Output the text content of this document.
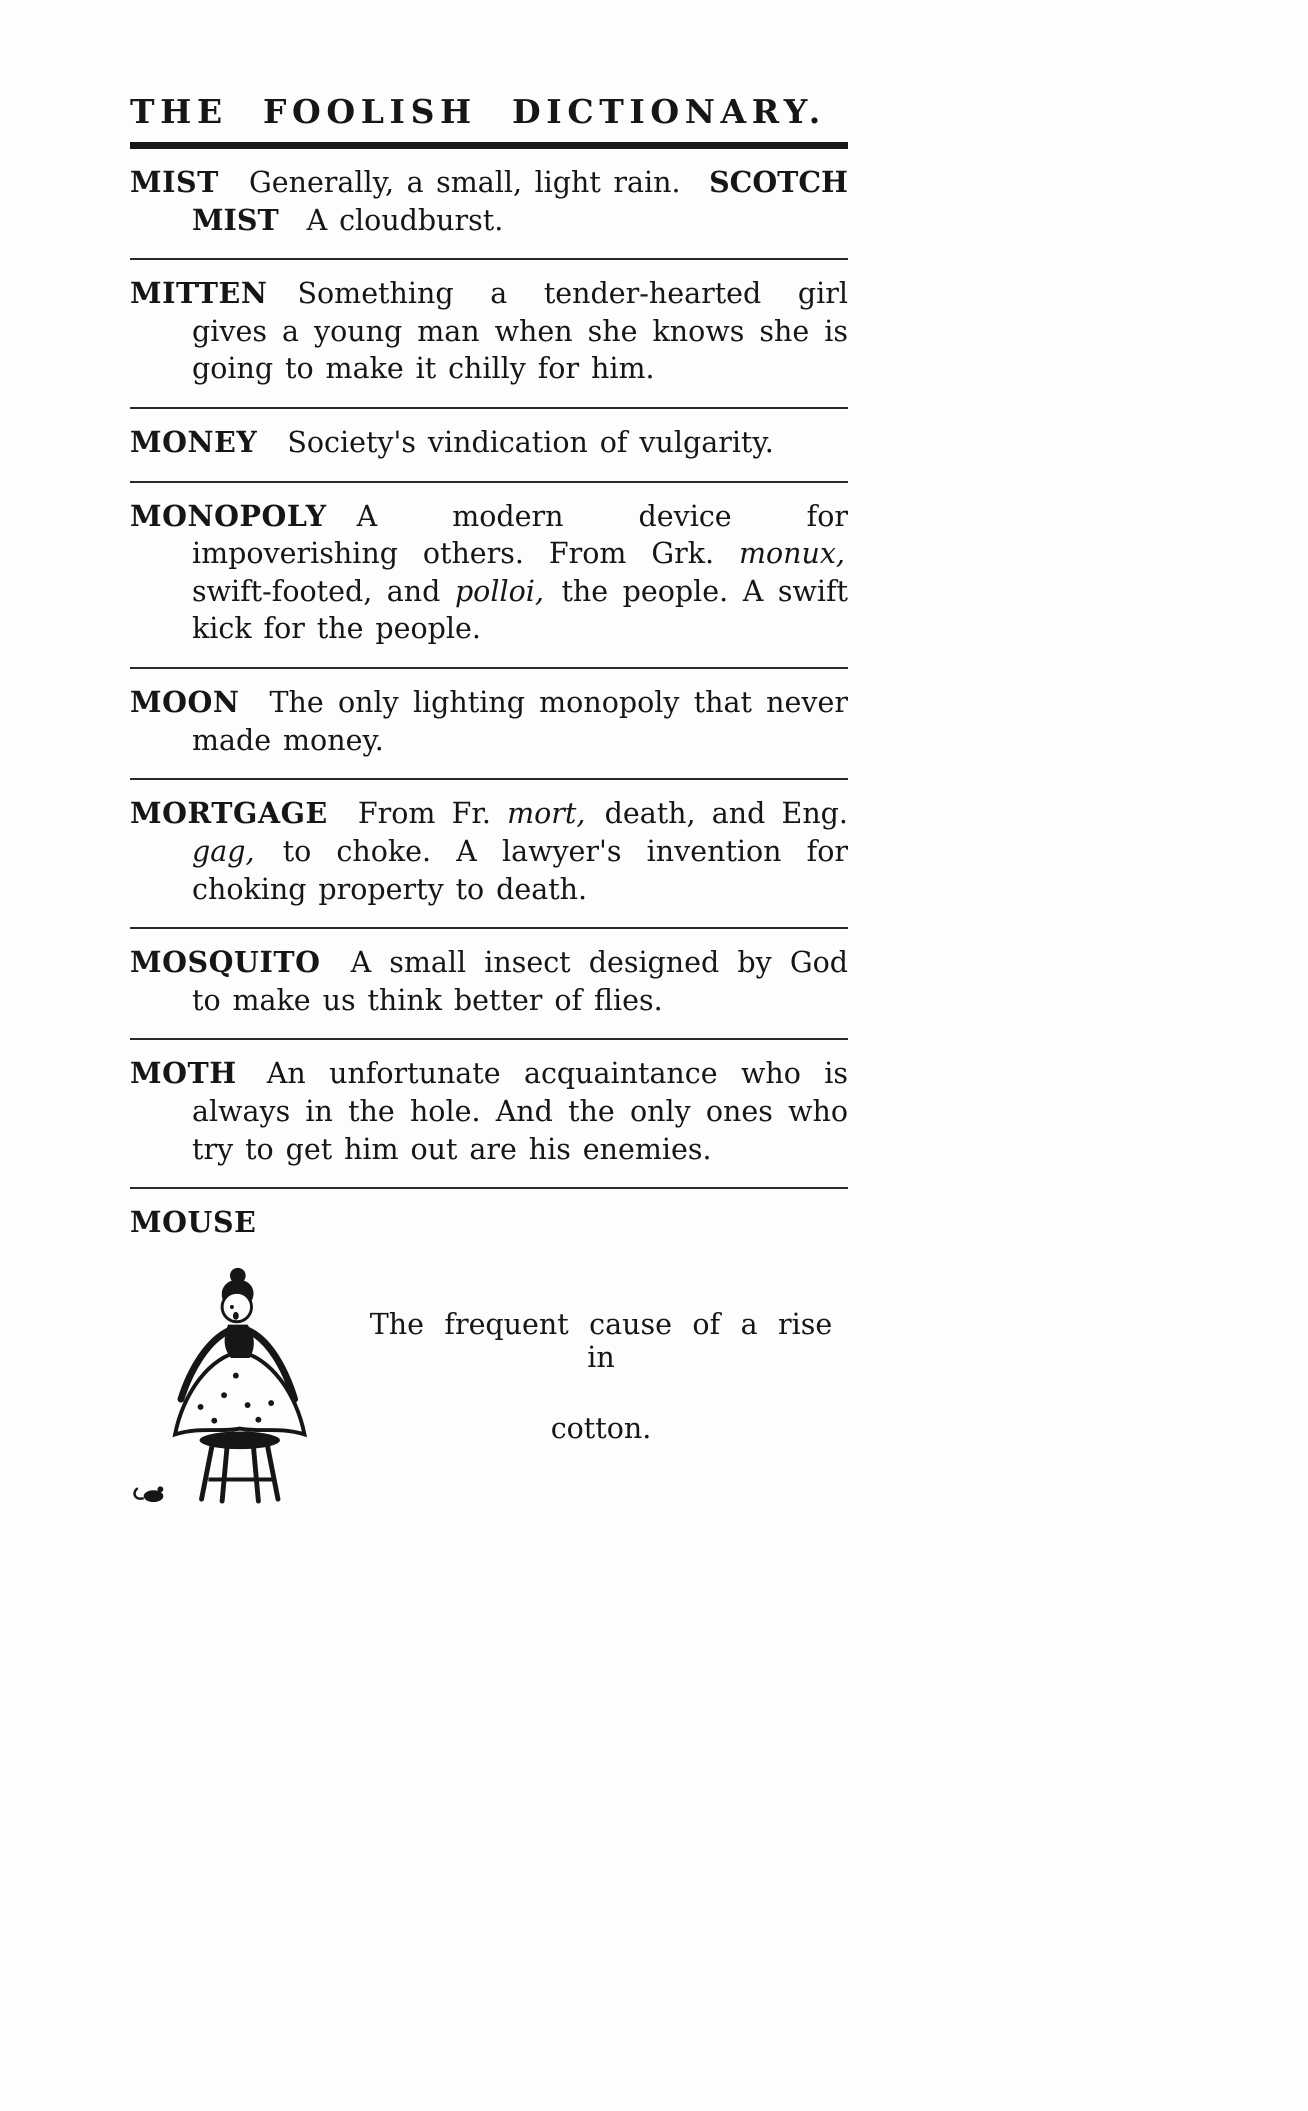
THE FOOLISH DICTIONARY.

MIST Generally, a small, light rain. SCOTCH MIST A cloudburst.

MITTEN Something a tender-hearted girl gives a young man when she knows she is going to make it chilly for him.

MONEY Society's vindication of vulgarity.

MONOPOLY A modern device for impoverishing others. From Grk. monux, swift-footed, and polloi, the people. A swift kick for the people.

MOON The only lighting monopoly that never made money.

MORTGAGE From Fr. mort, death, and Eng. gag, to choke. A lawyer's invention for choking property to death.

MOSQUITO A small insect designed by God to make us think better of flies.

MOTH An unfortunate acquaintance who is always in the hole. And the only ones who try to get him out are his enemies.

MOUSE

The frequent cause of a rise in

cotton.
